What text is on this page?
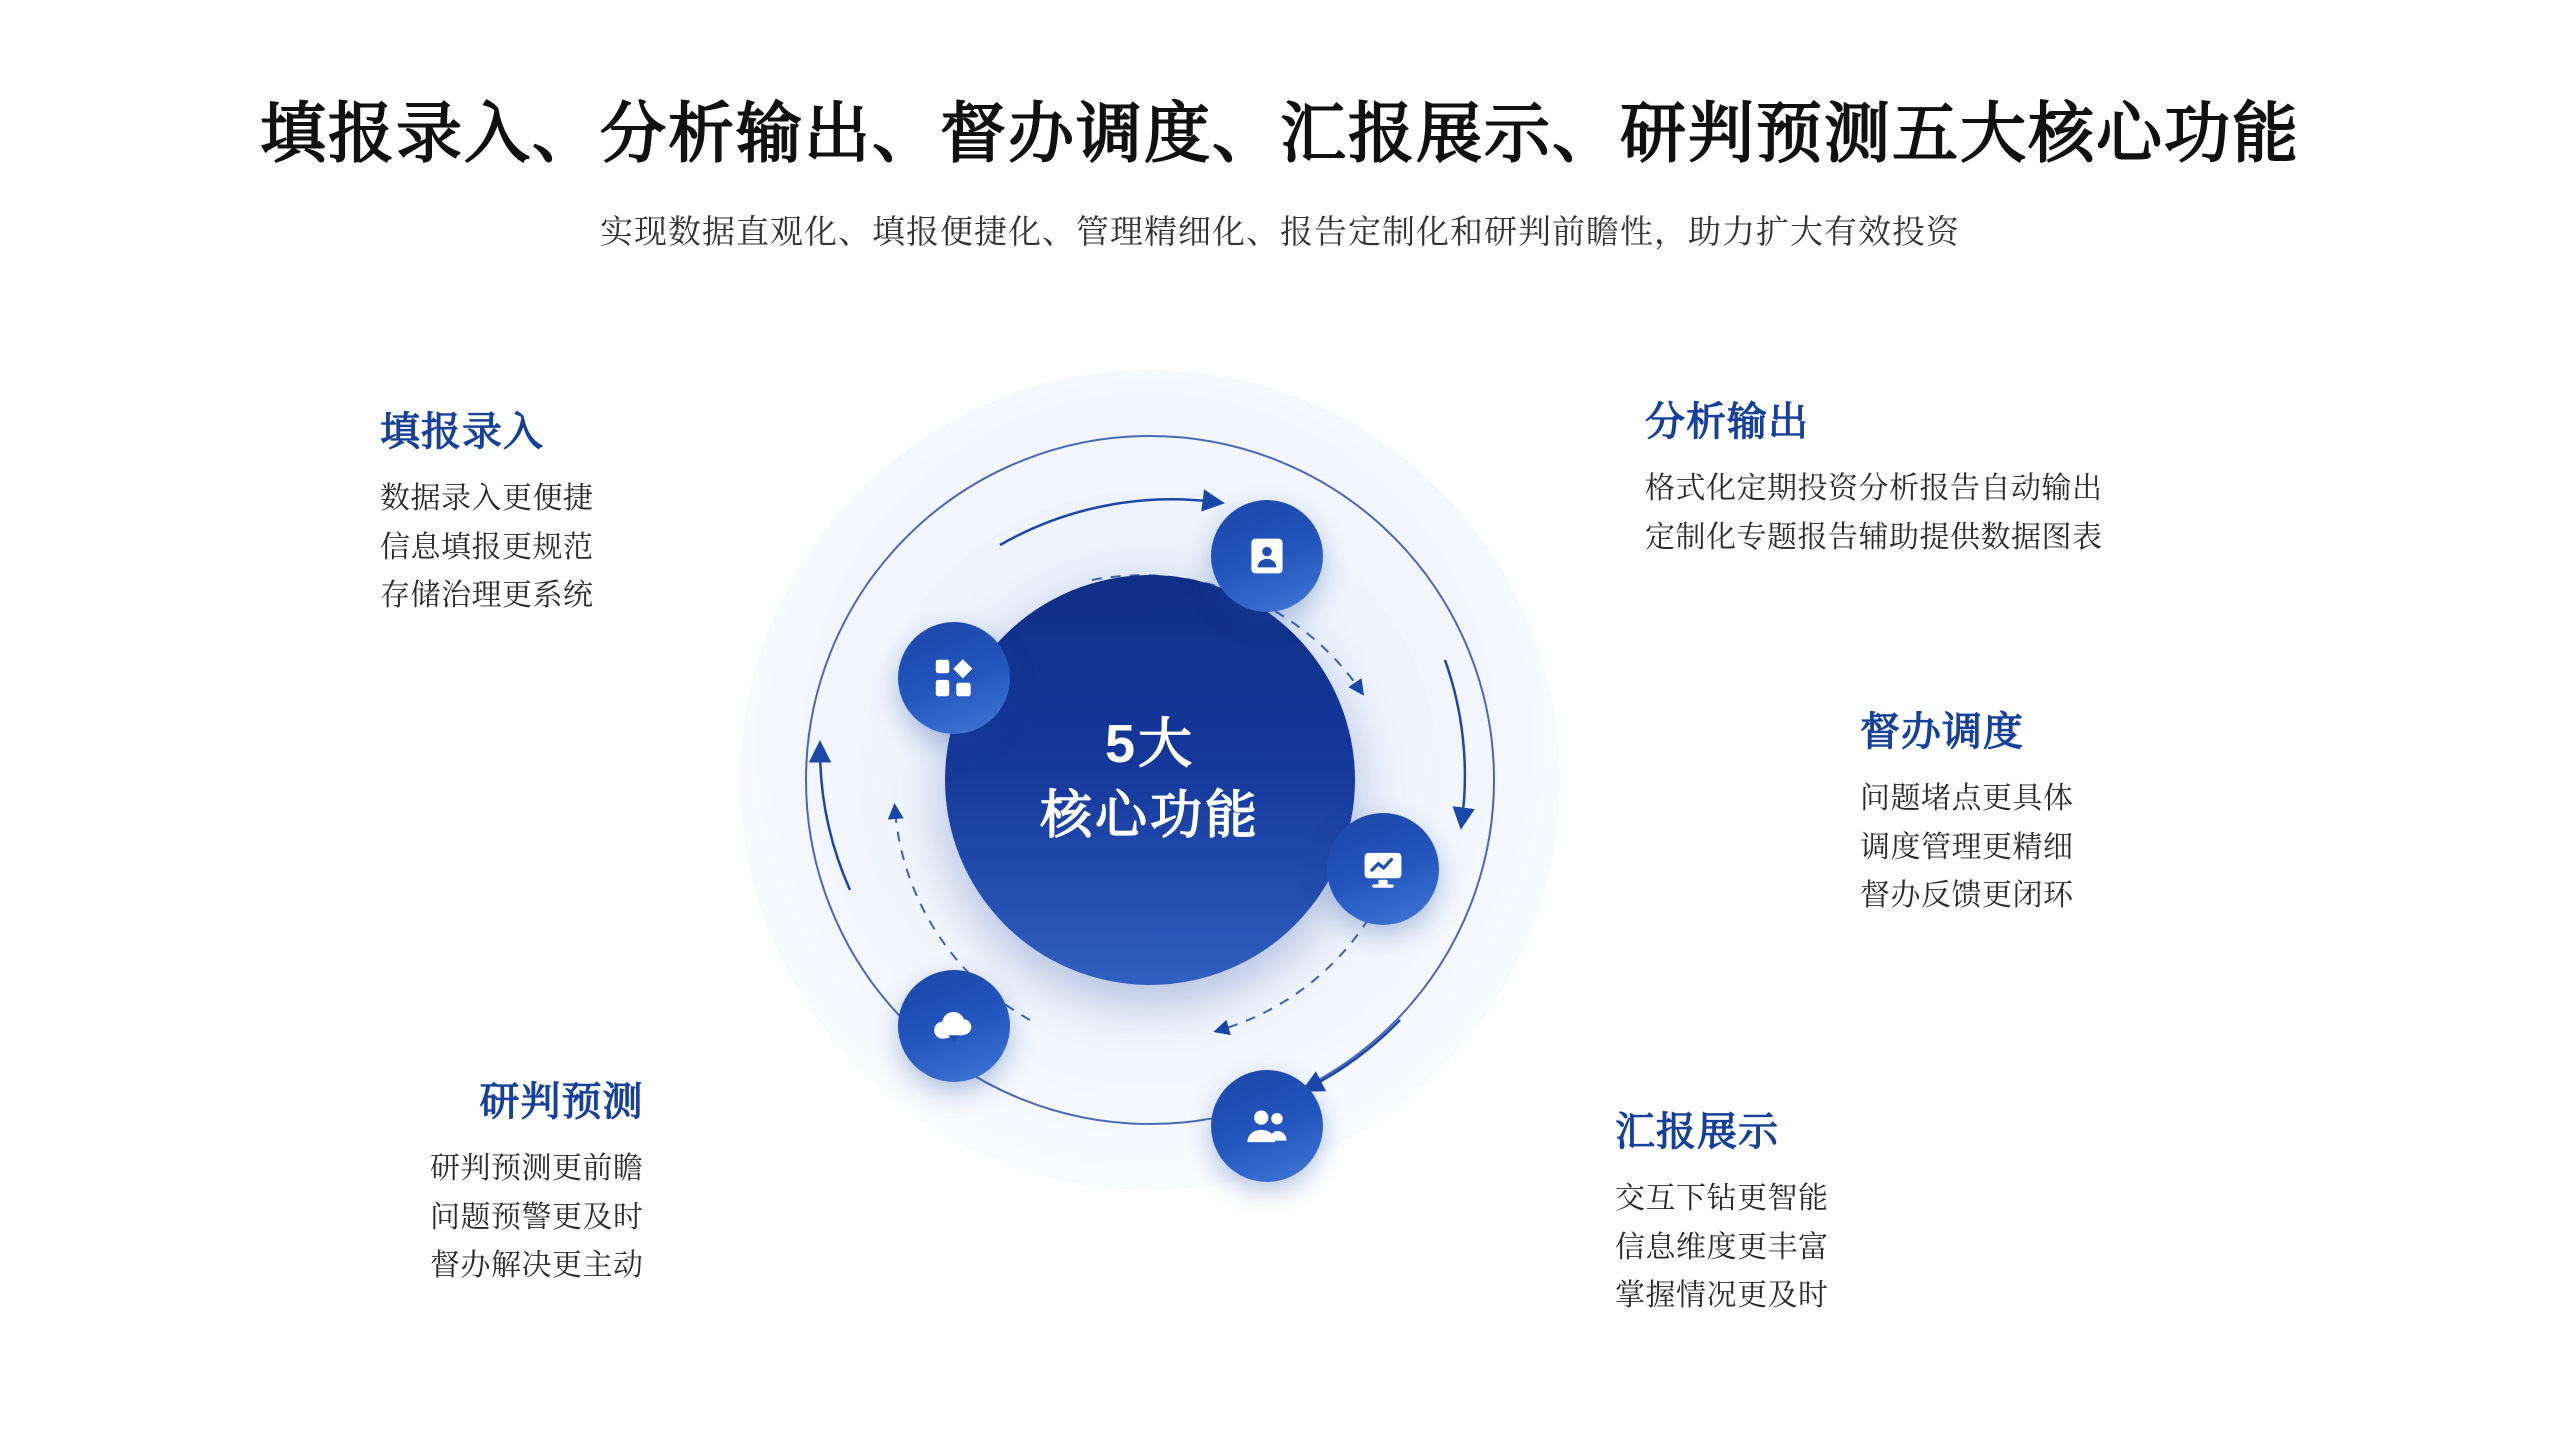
填报录入、分析输出、督办调度、汇报展示、研判预测五大核心功能
实现数据直观化、填报便捷化、管理精细化、报告定制化和研判前瞻性，助力扩大有效投资
5大
核心功能
填报录入
数据录入更便捷
信息填报更规范
存储治理更系统
分析输出
格式化定期投资分析报告自动输出
定制化专题报告辅助提供数据图表
督办调度
问题堵点更具体
调度管理更精细
督办反馈更闭环
汇报展示
交互下钻更智能
信息维度更丰富
掌握情况更及时
研判预测
研判预测更前瞻
问题预警更及时
督办解决更主动
